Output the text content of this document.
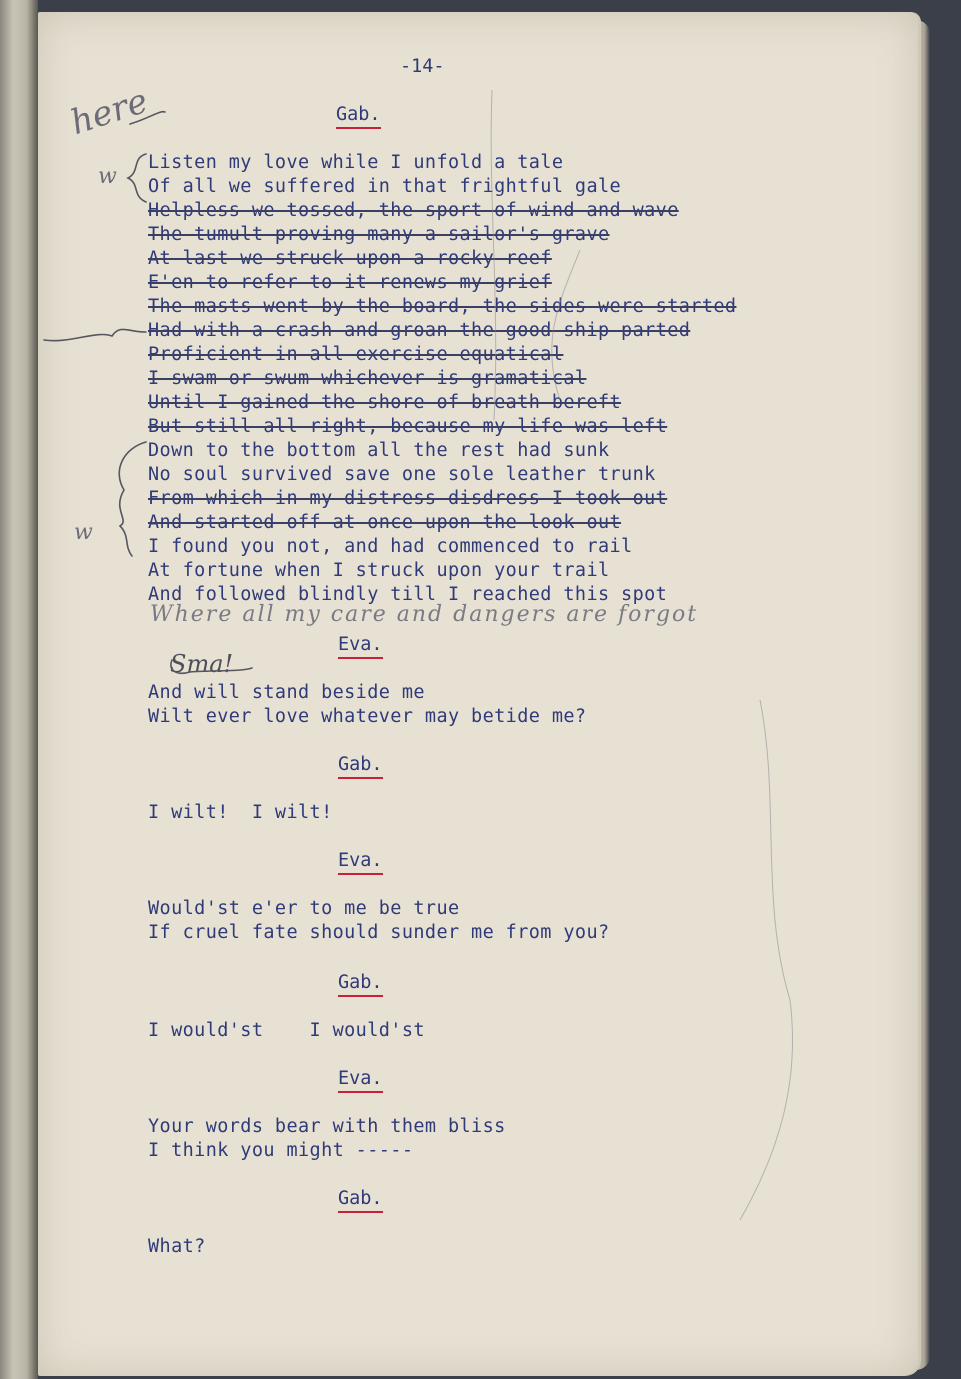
-14-
Gab.
Eva.
Gab.
Eva.
Gab.
Eva.
Gab.
Listen my love while I unfold a tale
Of all we suffered in that frightful gale
Helpless we tossed, the sport of wind and wave
The tumult proving many a sailor's grave
At last we struck upon a rocky reef
E'en to refer to it renews my grief
The masts went by the board, the sides were started
Had with a crash and groan the good ship parted
Proficient in all exercise equatical
I swam or swum whichever is gramatical
Until I gained the shore of breath bereft
But still all right, because my life was left
Down to the bottom all the rest had sunk
No soul survived save one sole leather trunk
From which in my distress disdress I took out
And started off at once upon the look out
I found you not, and had commenced to rail
At fortune when I struck upon your trail
And followed blindly till I reached this spot
Where all my care and dangers are forgot
And will stand beside me
Wilt ever love whatever may betide me?
Sma!
I wilt!  I wilt!
Would'st e'er to me be true
If cruel fate should sunder me from you?
I would'st    I would'st
Your words bear with them bliss
I think you might -----
What?
here
w
w
